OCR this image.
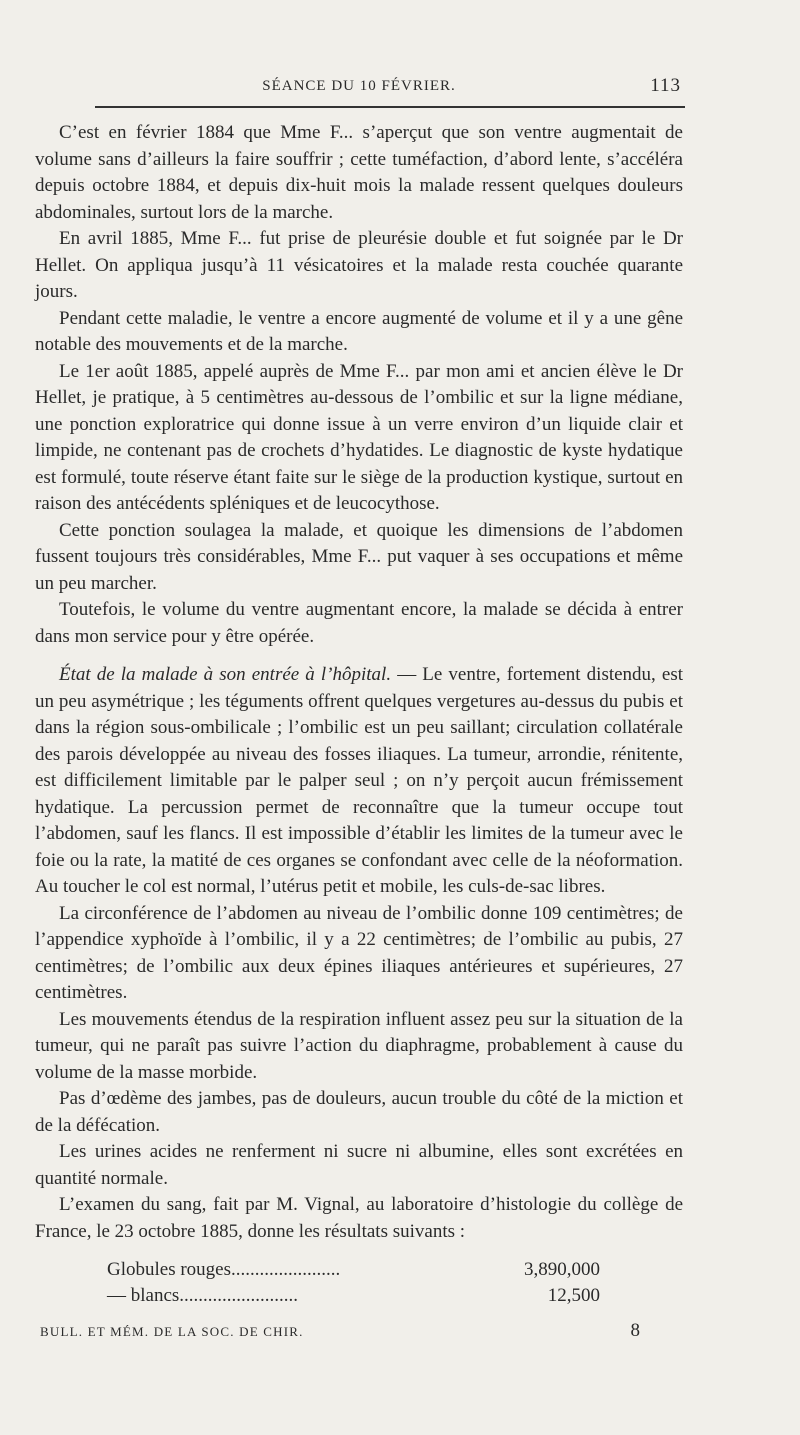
SÉANCE DU 10 FÉVRIER.	113

C’est en février 1884 que Mme F... s’aperçut que son ventre augmentait de volume sans d’ailleurs la faire souffrir ; cette tuméfaction, d’abord lente, s’accéléra depuis octobre 1884, et depuis dix-huit mois la malade ressent quelques douleurs abdominales, surtout lors de la marche.

En avril 1885, Mme F... fut prise de pleurésie double et fut soignée par le Dr Hellet. On appliqua jusqu’à 11 vésicatoires et la malade resta couchée quarante jours.

Pendant cette maladie, le ventre a encore augmenté de volume et il y a une gêne notable des mouvements et de la marche.

Le 1er août 1885, appelé auprès de Mme F... par mon ami et ancien élève le Dr Hellet, je pratique, à 5 centimètres au-dessous de l’ombilic et sur la ligne médiane, une ponction exploratrice qui donne issue à un verre environ d’un liquide clair et limpide, ne contenant pas de crochets d’hydatides. Le diagnostic de kyste hydatique est formulé, toute réserve étant faite sur le siège de la production kystique, surtout en raison des antécédents spléniques et de leucocythose.

Cette ponction soulagea la malade, et quoique les dimensions de l’abdomen fussent toujours très considérables, Mme F... put vaquer à ses occupations et même un peu marcher.

Toutefois, le volume du ventre augmentant encore, la malade se décida à entrer dans mon service pour y être opérée.

État de la malade à son entrée à l’hôpital. — Le ventre, fortement distendu, est un peu asymétrique ; les téguments offrent quelques vergetures au-dessus du pubis et dans la région sous-ombilicale ; l’ombilic est un peu saillant; circulation collatérale des parois développée au niveau des fosses iliaques. La tumeur, arrondie, rénitente, est difficilement limitable par le palper seul ; on n’y perçoit aucun frémissement hydatique. La percussion permet de reconnaître que la tumeur occupe tout l’abdomen, sauf les flancs. Il est impossible d’établir les limites de la tumeur avec le foie ou la rate, la matité de ces organes se confondant avec celle de la néoformation. Au toucher le col est normal, l’utérus petit et mobile, les culs-de-sac libres.

La circonférence de l’abdomen au niveau de l’ombilic donne 109 centimètres; de l’appendice xyphoïde à l’ombilic, il y a 22 centimètres; de l’ombilic au pubis, 27 centimètres; de l’ombilic aux deux épines iliaques antérieures et supérieures, 27 centimètres.

Les mouvements étendus de la respiration influent assez peu sur la situation de la tumeur, qui ne paraît pas suivre l’action du diaphragme, probablement à cause du volume de la masse morbide.

Pas d’œdème des jambes, pas de douleurs, aucun trouble du côté de la miction et de la défécation.

Les urines acides ne renferment ni sucre ni albumine, elles sont excrétées en quantité normale.

L’examen du sang, fait par M. Vignal, au laboratoire d’histologie du collège de France, le 23 octobre 1885, donne les résultats suivants :

Globules rouges.......................	3,890,000
— blancs.........................	12,500
BULL. ET MÉM. DE LA SOC. DE CHIR.	8
